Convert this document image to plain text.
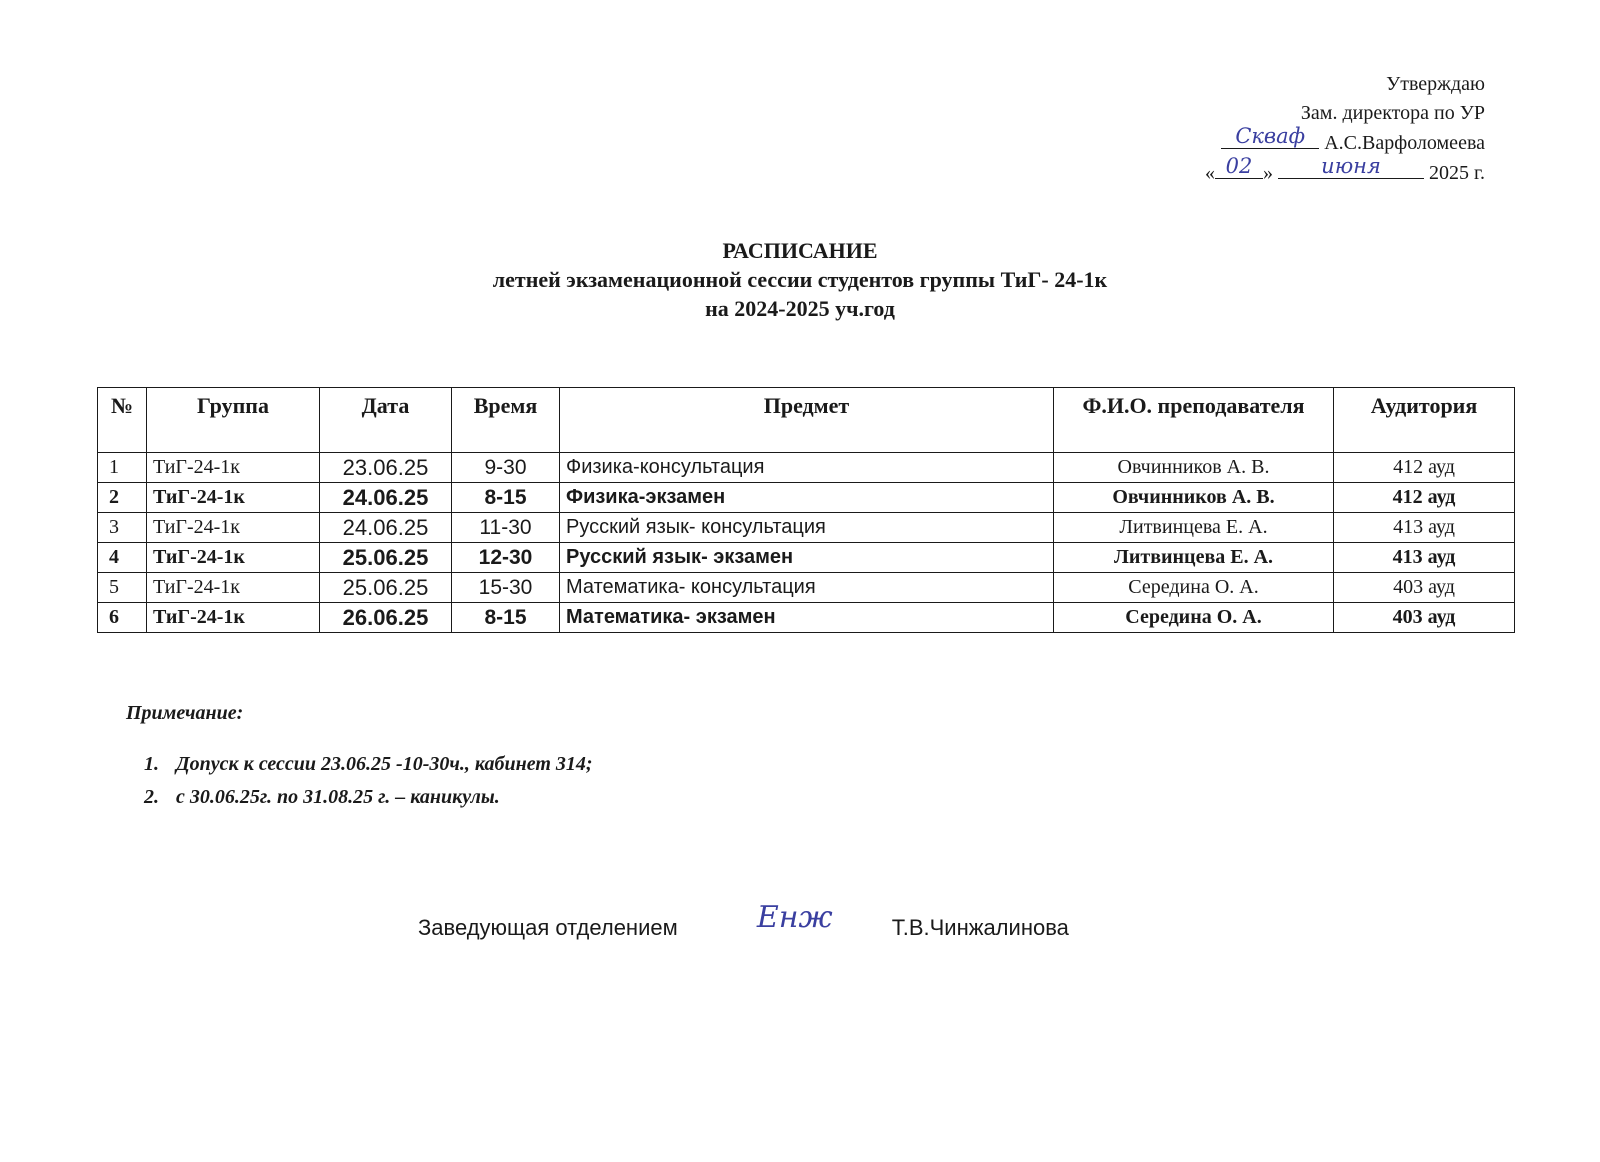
Утверждаю
Зам. директора по УР
Скваф А.С.Варфоломеева
« 02 »	июня	2025 г.
РАСПИСАНИЕ
летней экзаменационной сессии студентов группы ТиГ- 24-1к
на 2024-2025 уч.год
№	Группа	Дата	Время	Предмет	Ф.И.О. преподавателя	Аудитория
1	ТиГ-24-1к	23.06.25	9-30	Физика-консультация	Овчинников А. В.	412 ауд
2	ТиГ-24-1к	24.06.25	8-15	Физика-экзамен	Овчинников А. В.	412 ауд
3	ТиГ-24-1к	24.06.25	11-30	Русский язык- консультация	Литвинцева Е. А.	413 ауд
4	ТиГ-24-1к	25.06.25	12-30	Русский язык- экзамен	Литвинцева Е. А.	413 ауд
5	ТиГ-24-1к	25.06.25	15-30	Математика- консультация	Середина О. А.	403 ауд
6	ТиГ-24-1к	26.06.25	8-15	Математика- экзамен	Середина О. А.	403 ауд
Примечание:
1. Допуск к сессии 23.06.25 -10-30ч., кабинет 314;
2. с 30.06.25г. по 31.08.25 г. – каникулы.
Заведующая отделением	Енж	Т.В.Чинжалинова
